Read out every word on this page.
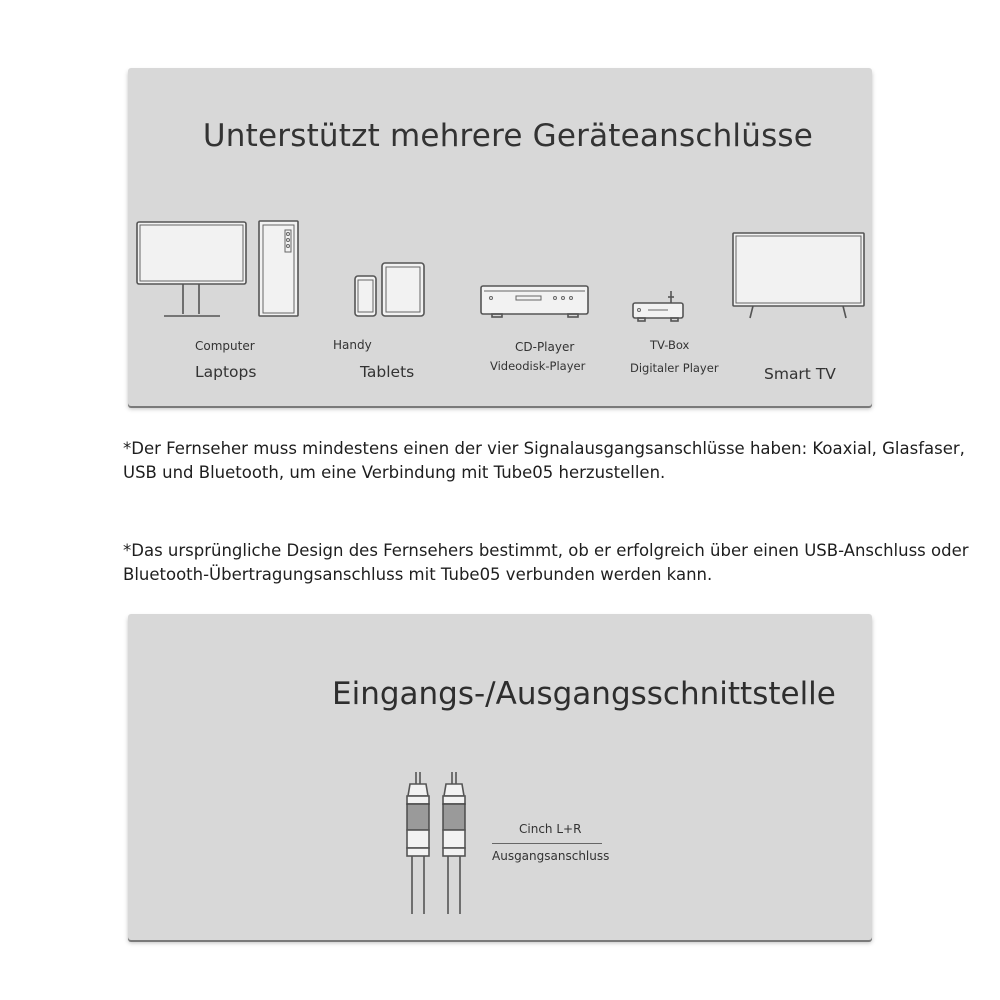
Unterstützt mehrere Geräteanschlüsse
Computer
Laptops
Handy
Tablets
CD-Player
Videodisk-Player
TV-Box
Digitaler Player	Smart TV
*Der Fernseher muss mindestens einen der vier Signalausgangsanschlüsse haben: Koaxial, Glasfaser, USB und Bluetooth, um eine Verbindung mit Tube05 herzustellen.
*Das ursprüngliche Design des Fernsehers bestimmt, ob er erfolgreich über einen USB-Anschluss oder Bluetooth-Übertragungsanschluss mit Tube05 verbunden werden kann.
Eingangs-/Ausgangsschnittstelle
Cinch L+R
Ausgangsanschluss
